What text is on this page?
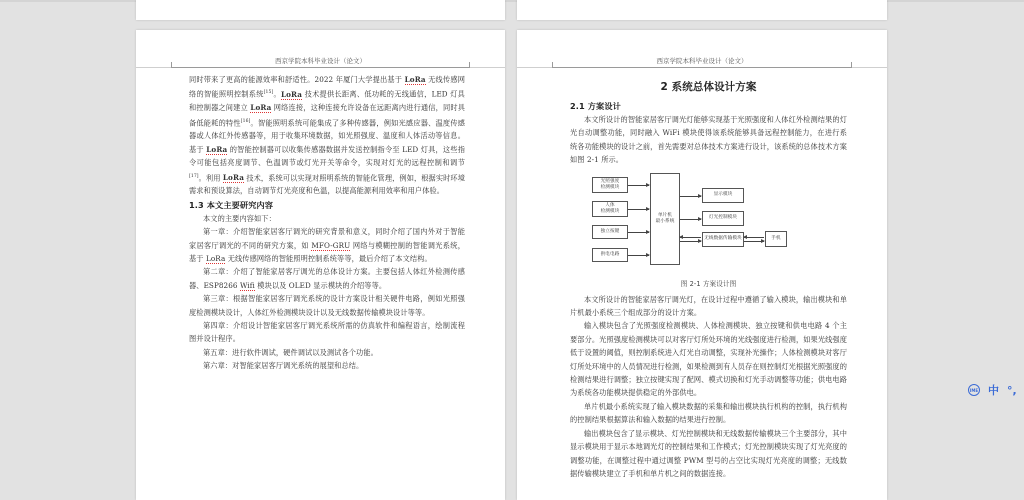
西京学院本科毕业设计（论文）

同时带来了更高的能源效率和舒适性。2022 年厦门大学提出基于 LoRa 无线传感网络的智能照明控制系统[15]。LoRa 技术提供长距离、低功耗的无线通信，LED 灯具和控制器之间建立 LoRa 网络连接，这种连接允许设备在远距离内进行通信，同时具备低能耗的特性[16]。智能照明系统可能集成了多种传感器，例如光感应器、温度传感器或人体红外传感器等，用于收集环境数据，如光照强度、温度和人体活动等信息。 基于 LoRa 的智能控制器可以收集传感器数据并发送控制指令至 LED 灯具，这些指令可能包括亮度调节、色温调节或灯光开关等命令，实现对灯光的远程控制和调节[17]。利用 LoRa 技术，系统可以实现对照明系统的智能化管理，例如，根据实时环境需求和预设算法，自动调节灯光亮度和色温，以提高能源利用效率和用户体验。

1.3 本文主要研究内容

本文的主要内容如下：

第一章：介绍智能家居客厅调光的研究背景和意义，同时介绍了国内外对于智能家居客厅调光的不同的研究方案，如 MFO-GRU 网络与模糊控制的智能调光系统，基于 LoRa 无线传感网络的智能照明控制系统等等，最后介绍了本文结构。

第二章：介绍了智能家居客厅调光的总体设计方案。主要包括人体红外检测传感器、ESP8266 Wifi 模块以及 OLED 显示模块的介绍等等。

第三章：根据智能家居客厅调光系统的设计方案设计相关硬件电路，例如光照强度检测模块设计，人体红外检测模块设计以及无线数据传输模块设计等等。

第四章：介绍设计智能家居客厅调光系统所需的仿真软件和编程语言，绘制流程图并设计程序。

第五章：进行软件调试，硬件调试以及测试各个功能。

第六章：对智能家居客厅调光系统的展望和总结。

西京学院本科毕业设计（论文）
2 系统总体设计方案
2.1 方案设计

本文所设计的智能家居客厅调光灯能够实现基于光照强度和人体红外检测结果的灯光自动调整功能，同时融入 WiFi 模块使得该系统能够具备远程控制能力，在进行系统各功能模块的设计之前，首先需要对总体技术方案进行设计，该系统的总体技术方案如图 2-1 所示。

光照强度
检测模块
人体
检测模块
独立按键
供电电路
单片机
最小系统
显示模块
灯光控制模块
无线数据传输模块	手机
图 2-1 方案设计图

本文所设计的智能家居客厅调光灯，在设计过程中遵循了输入模块，输出模块和单片机最小系统三个组成部分的设计方案。

输入模块包含了光照强度检测模块、人体检测模块、独立按键和供电电路 4 个主要部分。光照强度检测模块可以对客厅灯所处环境的光线强度进行检测，如果光线强度低于设置的阈值，则控制系统进入灯光自动调整，实现补光操作；人体检测模块对客厅灯所处环境中的人员情况进行检测，如果检测到有人员存在则控制灯光根据光照强度的检测结果进行调整；独立按键实现了配网、模式切换和灯光手动调整等功能；供电电路为系统各功能模块提供稳定的外部供电。

单片机最小系统实现了输入模块数据的采集和输出模块执行机构的控制，执行机构的控制结果根据算法和输入数据的结果进行控制。

输出模块包含了显示模块、灯光控制模块和无线数据传输模块三个主要部分，其中显示模块用于显示本地调光灯的控制结果和工作模式；灯光控制模块实现了灯光亮度的调整功能，在调整过程中通过调整 PWM 型号的占空比实现灯光亮度的调整；无线数据传输模块建立了手机和单片机之间的数据连接。

IME 中 °,
